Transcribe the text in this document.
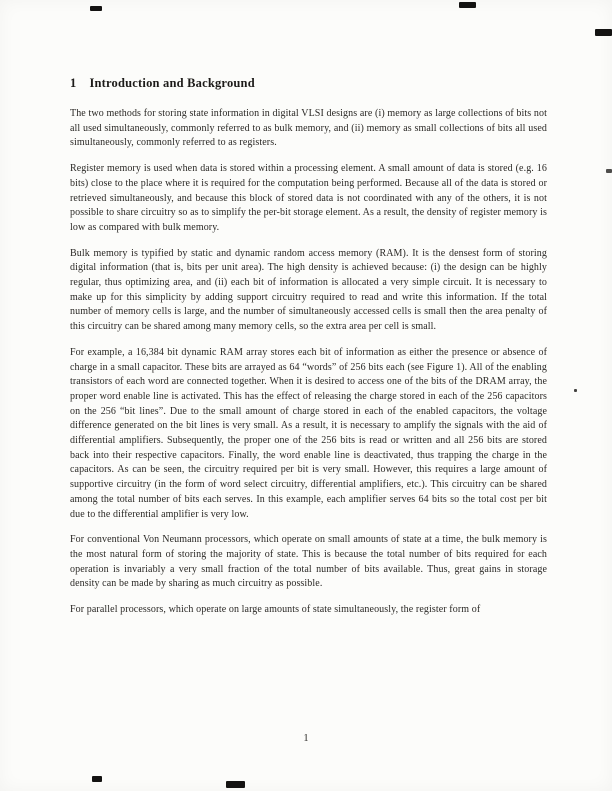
1 Introduction and Background

The two methods for storing state information in digital VLSI designs are (i) memory as large collections of bits not all used simultaneously, commonly referred to as bulk memory, and (ii) memory as small collections of bits all used simultaneously, commonly referred to as registers.

Register memory is used when data is stored within a processing element. A small amount of data is stored (e.g. 16 bits) close to the place where it is required for the computation being performed. Because all of the data is stored or retrieved simultaneously, and because this block of stored data is not coordinated with any of the others, it is not possible to share circuitry so as to simplify the per-bit storage element. As a result, the density of register memory is low as compared with bulk memory.

Bulk memory is typified by static and dynamic random access memory (RAM). It is the densest form of storing digital information (that is, bits per unit area). The high density is achieved because: (i) the design can be highly regular, thus optimizing area, and (ii) each bit of information is allocated a very simple circuit. It is necessary to make up for this simplicity by adding support circuitry required to read and write this information. If the total number of memory cells is large, and the number of simultaneously accessed cells is small then the area penalty of this circuitry can be shared among many memory cells, so the extra area per cell is small.

For example, a 16,384 bit dynamic RAM array stores each bit of information as either the presence or absence of charge in a small capacitor. These bits are arrayed as 64 “words” of 256 bits each (see Figure 1). All of the enabling transistors of each word are connected together. When it is desired to access one of the bits of the DRAM array, the proper word enable line is activated. This has the effect of releasing the charge stored in each of the 256 capacitors on the 256 “bit lines”. Due to the small amount of charge stored in each of the enabled capacitors, the voltage difference generated on the bit lines is very small. As a result, it is necessary to amplify the signals with the aid of differential amplifiers. Subsequently, the proper one of the 256 bits is read or written and all 256 bits are stored back into their respective capacitors. Finally, the word enable line is deactivated, thus trapping the charge in the capacitors. As can be seen, the circuitry required per bit is very small. However, this requires a large amount of supportive circuitry (in the form of word select circuitry, differential amplifiers, etc.). This circuitry can be shared among the total number of bits each serves. In this example, each amplifier serves 64 bits so the total cost per bit due to the differential amplifier is very low.

For conventional Von Neumann processors, which operate on small amounts of state at a time, the bulk memory is the most natural form of storing the majority of state. This is because the total number of bits required for each operation is invariably a very small fraction of the total number of bits available. Thus, great gains in storage density can be made by sharing as much circuitry as possible.

For parallel processors, which operate on large amounts of state simultaneously, the register form of

1
